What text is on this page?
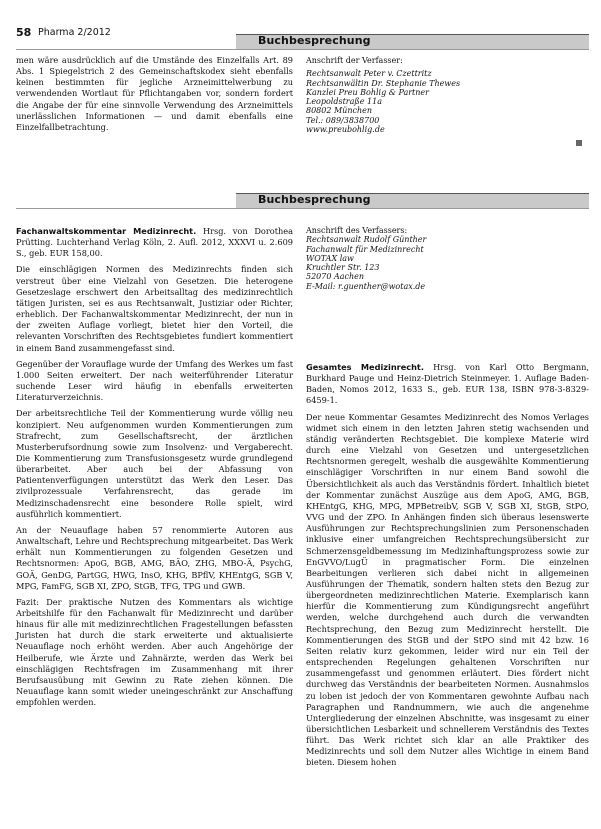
58 Pharma 2/2012
Buchbesprechung

men wäre ausdrücklich auf die Umstände des Einzelfalls Art. 89 Abs. 1 Spiegelstrich 2 des Gemeinschaftskodex sieht ebenfalls keinen bestimmten für jegliche Arzneimittelwerbung zu verwendenden Wortlaut für Pflichtangaben vor, sondern fordert die Angabe der für eine sinnvolle Verwendung des Arzneimittels unerlässlichen Informationen — und damit ebenfalls eine Einzelfallbetrachtung.

Anschrift der Verfasser:
Rechtsanwalt Peter v. Czettritz
Rechtsanwältin Dr. Stephanie Thewes
Kanzlei Preu Bohlig & Partner
Leopoldstraße 11a
80802 München
Tel.: 089/3838700
www.preubohlig.de
Buchbesprechung

Fachanwaltskommentar Medizinrecht. Hrsg. von Dorothea Prütting. Luchterhand Verlag Köln, 2. Aufl. 2012, XXXVI u. 2.609 S., geb. EUR 158,00.

Die einschlägigen Normen des Medizinrechts finden sich verstreut über eine Vielzahl von Gesetzen. Die heterogene Gesetzeslage erschwert den Arbeitsalltag des medizinrechtlich tätigen Juristen, sei es aus Rechtsanwalt, Justiziar oder Richter, erheblich. Der Fachanwaltskommentar Medizinrecht, der nun in der zweiten Auflage vorliegt, bietet hier den Vorteil, die relevanten Vorschriften des Rechtsgebietes fundiert kommentiert in einem Band zusammengefasst sind.

Gegenüber der Vorauflage wurde der Umfang des Werkes um fast 1.000 Seiten erweitert. Der nach weiterführender Literatur suchende Leser wird häufig in ebenfalls erweiterten Literaturverzeichnis.

Der arbeitsrechtliche Teil der Kommentierung wurde völlig neu konzipiert. Neu aufgenommen wurden Kommentierungen zum Strafrecht, zum Gesellschaftsrecht, der ärztlichen Musterberufsordnung sowie zum Insolvenz- und Vergaberecht. Die Kommentierung zum Transfusionsgesetz wurde grundlegend überarbeitet. Aber auch bei der Abfassung von Patientenverfügungen unterstützt das Werk den Leser. Das zivilprozessuale Verfahrensrecht, das gerade im Medizinschadensrecht eine besondere Rolle spielt, wird ausführlich kommentiert.

An der Neuauflage haben 57 renommierte Autoren aus Anwaltschaft, Lehre und Rechtsprechung mitgearbeitet. Das Werk erhält nun Kommentierungen zu folgenden Gesetzen und Rechtsnormen: ApoG, BGB, AMG, BÄO, ZHG, MBO-Ä, PsychG, GOÄ, GenDG, PartGG, HWG, InsO, KHG, BPflV, KHEntgG, SGB V, MPG, FamFG, SGB XI, ZPO, StGB, TFG, TPG und GWB.

Fazit: Der praktische Nutzen des Kommentars als wichtige Arbeitshilfe für den Fachanwalt für Medizinrecht und darüber hinaus für alle mit medizinrechtlichen Fragestellungen befassten Juristen hat durch die stark erweiterte und aktualisierte Neuauflage noch erhöht werden. Aber auch Angehörige der Heilberufe, wie Ärzte und Zahnärzte, werden das Werk bei einschlägigen Rechtsfragen im Zusammenhang mit ihrer Berufsausübung mit Gewinn zu Rate ziehen können. Die Neuauflage kann somit wieder uneingeschränkt zur Anschaffung empfohlen werden.

Anschrift des Verfassers:
Rechtsanwalt Rudolf Günther
Fachanwalt für Medizinrecht
WOTAX law
Kruchtler Str. 123
52070 Aachen
E-Mail: r.guenther@wotax.de

Gesamtes Medizinrecht. Hrsg. von Karl Otto Bergmann, Burkhard Pauge und Heinz-Dietrich Steinmeyer. 1. Auflage Baden-Baden, Nomos 2012, 1633 S., geb. EUR 138, ISBN 978-3-8329-6459-1.

Der neue Kommentar Gesamtes Medizinrecht des Nomos Verlages widmet sich einem in den letzten Jahren stetig wachsenden und ständig veränderten Rechtsgebiet. Die komplexe Materie wird durch eine Vielzahl von Gesetzen und untergesetzlichen Rechtsnormen geregelt, weshalb die ausgewählte Kommentierung einschlägiger Vorschriften in nur einem Band sowohl die Übersichtlichkeit als auch das Verständnis fördert. Inhaltlich bietet der Kommentar zunächst Auszüge aus dem ApoG, AMG, BGB, KHEntgG, KHG, MPG, MPBetreibV, SGB V, SGB XI, StGB, StPO, VVG und der ZPO. In Anhängen finden sich überaus lesenswerte Ausführungen zur Rechtsprechungslinien zum Personenschaden inklusive einer umfangreichen Rechtsprechungsübersicht zur Schmerzensgeldbemessung im Medizinhaftungsprozess sowie zur EnGVVO/LugÜ in pragmatischer Form. Die einzelnen Bearbeitungen verlieren sich dabei nicht in allgemeinen Ausführungen der Thematik, sondern halten stets den Bezug zur übergeordneten medizinrechtlichen Materie. Exemplarisch kann hierfür die Kommentierung zum Kündigungsrecht angeführt werden, welche durchgehend auch durch die verwandten Rechtsprechung, den Bezug zum Medizinrecht herstellt. Die Kommentierungen des StGB und der StPO sind mit 42 bzw. 16 Seiten relativ kurz gekommen, leider wird nur ein Teil der entsprechenden Regelungen gehaltenen Vorschriften nur zusammengefasst und genommen erläutert. Dies fördert nicht durchweg das Verständnis der bearbeiteten Normen. Ausnahmslos zu loben ist jedoch der von Kommentaren gewohnte Aufbau nach Paragraphen und Randnummern, wie auch die angenehme Untergliederung der einzelnen Abschnitte, was insgesamt zu einer übersichtlichen Lesbarkeit und schnellerem Verständnis des Textes führt. Das Werk richtet sich klar an alle Praktiker des Medizinrechts und soll dem Nutzer alles Wichtige in einem Band bieten. Diesem hohen
